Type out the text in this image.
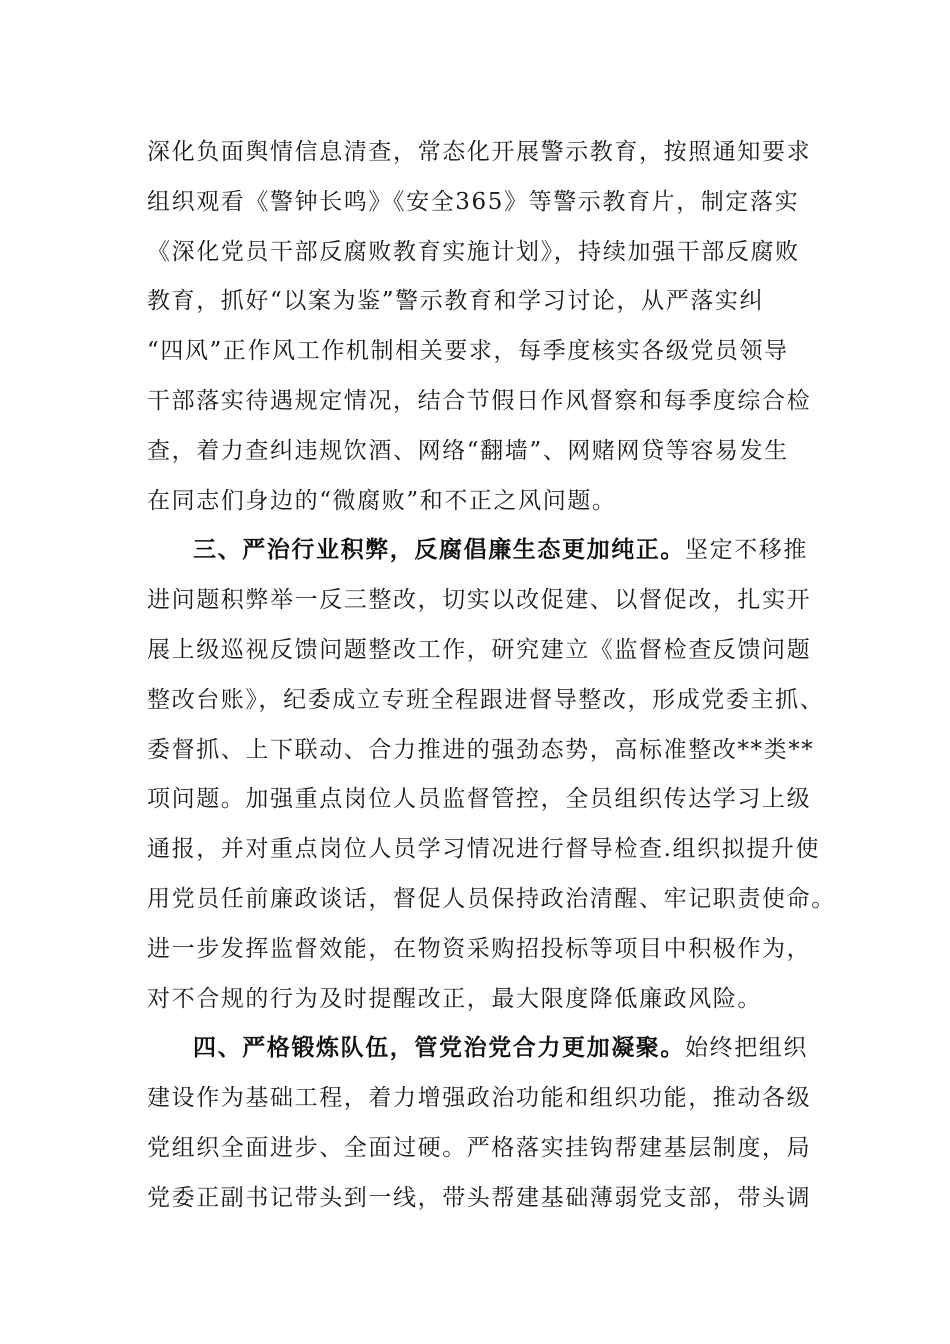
深化负面舆情信息清查，常态化开展警示教育，按照通知要求
组织观看《警钟长鸣》《安全365》等警示教育片，制定落实
《深化党员干部反腐败教育实施计划》，持续加强干部反腐败
教育，抓好“以案为鉴”警示教育和学习讨论，从严落实纠
“四风”正作风工作机制相关要求，每季度核实各级党员领导
干部落实待遇规定情况，结合节假日作风督察和每季度综合检
查，着力查纠违规饮酒、网络“翻墙”、网赌网贷等容易发生
在同志们身边的“微腐败”和不正之风问题。
三、严治行业积弊，反腐倡廉生态更加纯正。坚定不移推
进问题积弊举一反三整改，切实以改促建、以督促改，扎实开
展上级巡视反馈问题整改工作，研究建立《监督检查反馈问题
整改台账》，纪委成立专班全程跟进督导整改，形成党委主抓、
委督抓、上下联动、合力推进的强劲态势，高标准整改**类**
项问题。加强重点岗位人员监督管控，全员组织传达学习上级
通报，并对重点岗位人员学习情况进行督导检查.组织拟提升使
用党员任前廉政谈话，督促人员保持政治清醒、牢记职责使命。
进一步发挥监督效能，在物资采购招投标等项目中积极作为，
对不合规的行为及时提醒改正，最大限度降低廉政风险。
四、严格锻炼队伍，管党治党合力更加凝聚。始终把组织
建设作为基础工程，着力增强政治功能和组织功能，推动各级
党组织全面进步、全面过硬。严格落实挂钩帮建基层制度，局
党委正副书记带头到一线，带头帮建基础薄弱党支部，带头调
